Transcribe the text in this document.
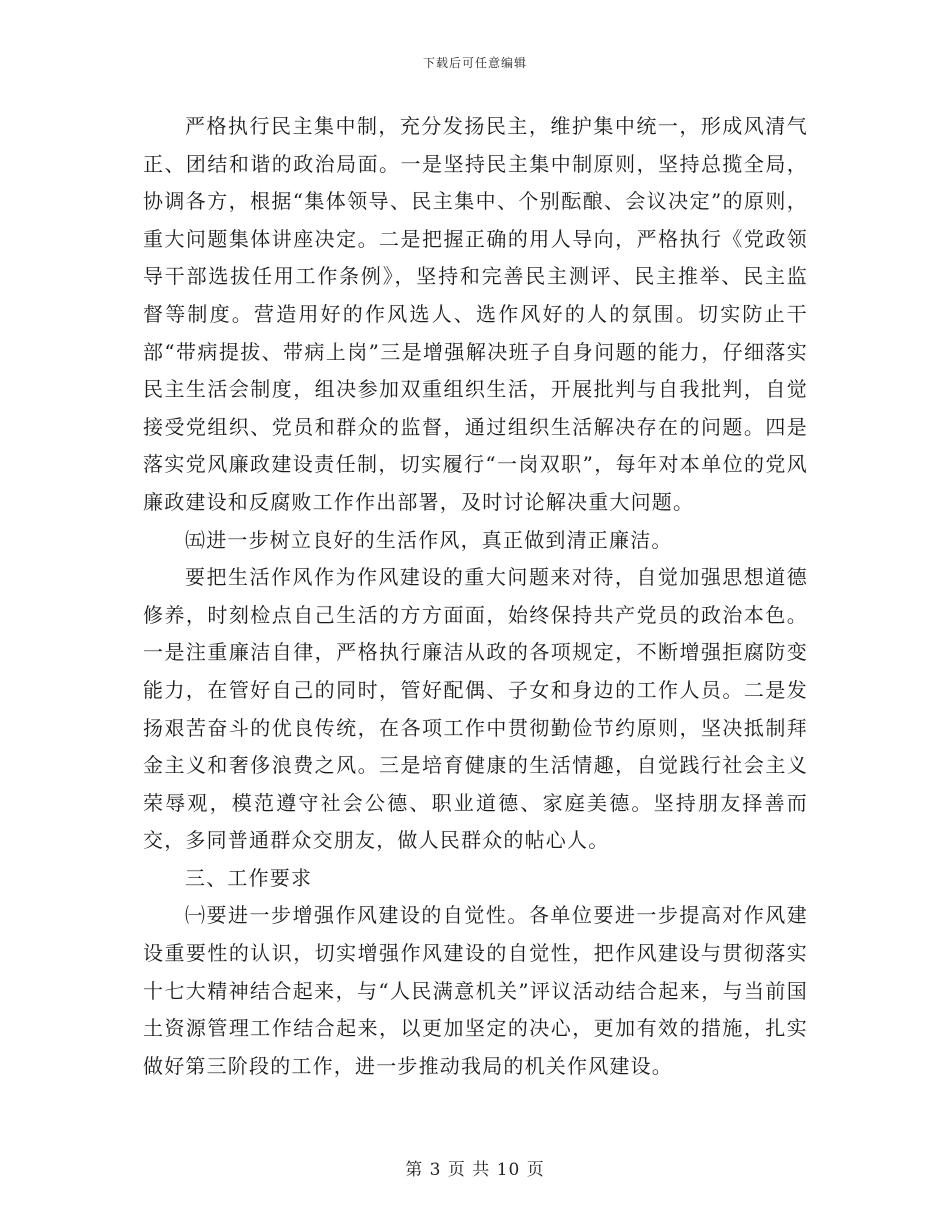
下载后可任意编辑

严格执行民主集中制，充分发扬民主，维护集中统一，形成风清气正、团结和谐的政治局面。一是坚持民主集中制原则，坚持总揽全局，协调各方，根据“集体领导、民主集中、个别酝酿、会议决定”的原则，重大问题集体讲座决定。二是把握正确的用人导向，严格执行《党政领导干部选拔任用工作条例》，坚持和完善民主测评、民主推举、民主监督等制度。营造用好的作风选人、选作风好的人的氛围。切实防止干部“带病提拔、带病上岗”三是增强解决班子自身问题的能力，仔细落实民主生活会制度，组决参加双重组织生活，开展批判与自我批判，自觉接受党组织、党员和群众的监督，通过组织生活解决存在的问题。四是落实党风廉政建设责任制，切实履行“一岗双职”，每年对本单位的党风廉政建设和反腐败工作作出部署，及时讨论解决重大问题。

㈤进一步树立良好的生活作风，真正做到清正廉洁。

要把生活作风作为作风建设的重大问题来对待，自觉加强思想道德修养，时刻检点自己生活的方方面面，始终保持共产党员的政治本色。一是注重廉洁自律，严格执行廉洁从政的各项规定，不断增强拒腐防变能力，在管好自己的同时，管好配偶、子女和身边的工作人员。二是发扬艰苦奋斗的优良传统，在各项工作中贯彻勤俭节约原则，坚决抵制拜金主义和奢侈浪费之风。三是培育健康的生活情趣，自觉践行社会主义荣辱观，模范遵守社会公德、职业道德、家庭美德。坚持朋友择善而交，多同普通群众交朋友，做人民群众的帖心人。

三、工作要求

㈠要进一步增强作风建设的自觉性。各单位要进一步提高对作风建设重要性的认识，切实增强作风建设的自觉性，把作风建设与贯彻落实十七大精神结合起来，与“人民满意机关”评议活动结合起来，与当前国土资源管理工作结合起来，以更加坚定的决心，更加有效的措施，扎实做好第三阶段的工作，进一步推动我局的机关作风建设。

第 3 页 共 10 页
